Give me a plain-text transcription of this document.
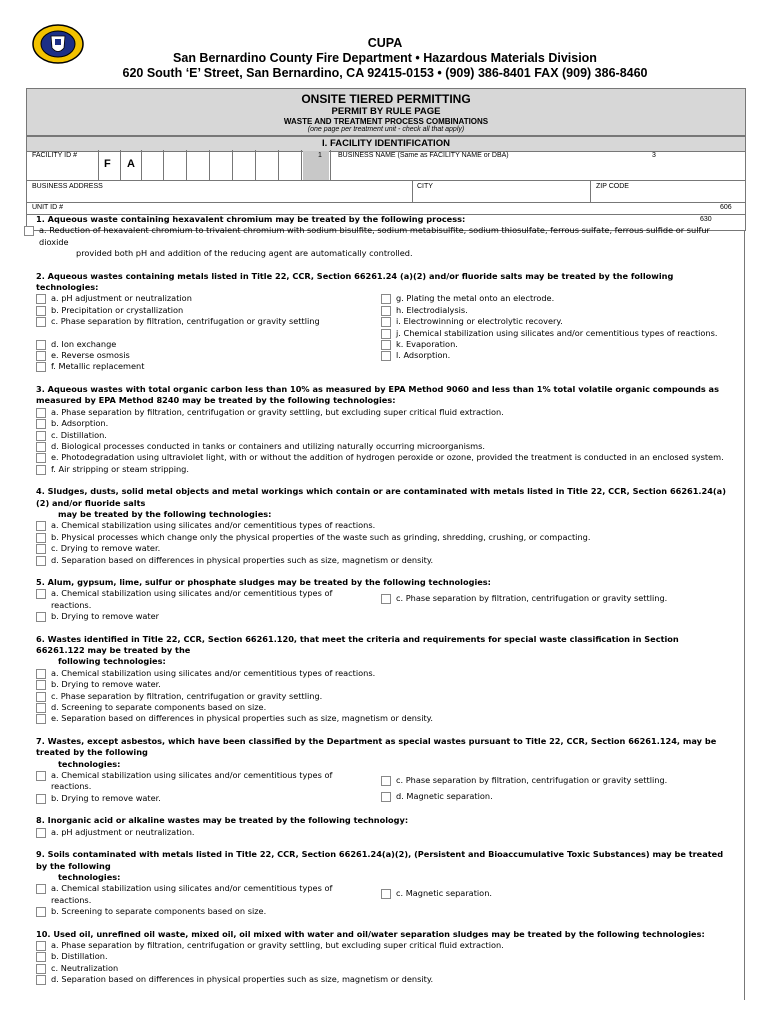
CUPA
San Bernardino County Fire Department • Hazardous Materials Division
620 South ‘E’ Street, San Bernardino, CA 92415-0153 • (909) 386-8401 FAX (909) 386-8460
ONSITE TIERED PERMITTING
PERMIT BY RULE PAGE
WASTE AND TREATMENT PROCESS COMBINATIONS
(one page per treatment unit - check all that apply)
I. FACILITY IDENTIFICATION
FACILITY ID #
F A
1 BUSINESS NAME (Same as FACILITY NAME or DBA)	3
BUSINESS ADDRESS	CITY	ZIP CODE
UNIT ID #	606
630
1. Aqueous waste containing hexavalent chromium may be treated by the following process:
a. Reduction of hexavalent chromium to trivalent chromium with sodium bisulfite, sodium metabisulfite, sodium thiosulfate, ferrous sulfate, ferrous sulfide or sulfur dioxide
provided both pH and addition of the reducing agent are automatically controlled.
2. Aqueous wastes containing metals listed in Title 22, CCR, Section 66261.24 (a)(2) and/or fluoride salts may be treated by the following technologies:
a. pH adjustment or neutralization
b. Precipitation or crystallization
c. Phase separation by filtration, centrifugation or gravity settling
d. Ion exchange
e. Reverse osmosis
f. Metallic replacement
g. Plating the metal onto an electrode.
h. Electrodialysis.
i. Electrowinning or electrolytic recovery.
j. Chemical stabilization using silicates and/or cementitious types of reactions.
k. Evaporation.
l. Adsorption.
3. Aqueous wastes with total organic carbon less than 10% as measured by EPA Method 9060 and less than 1% total volatile organic compounds as measured by EPA Method 8240 may be treated by the following technologies:
a. Phase separation by filtration, centrifugation or gravity settling, but excluding super critical fluid extraction.
b. Adsorption.
c. Distillation.
d. Biological processes conducted in tanks or containers and utilizing naturally occurring microorganisms.
e. Photodegradation using ultraviolet light, with or without the addition of hydrogen peroxide or ozone, provided the treatment is conducted in an enclosed system.
f. Air stripping or steam stripping.
4. Sludges, dusts, solid metal objects and metal workings which contain or are contaminated with metals listed in Title 22, CCR, Section 66261.24(a)(2) and/or fluoride salts
may be treated by the following technologies:
a. Chemical stabilization using silicates and/or cementitious types of reactions.
b. Physical processes which change only the physical properties of the waste such as grinding, shredding, crushing, or compacting.
c. Drying to remove water.
d. Separation based on differences in physical properties such as size, magnetism or density.
5. Alum, gypsum, lime, sulfur or phosphate sludges may be treated by the following technologies:
a. Chemical stabilization using silicates and/or cementitious types of reactions.
b. Drying to remove water
c. Phase separation by filtration, centrifugation or gravity settling.
6. Wastes identified in Title 22, CCR, Section 66261.120, that meet the criteria and requirements for special waste classification in Section 66261.122 may be treated by the
following technologies:
a. Chemical stabilization using silicates and/or cementitious types of reactions.
b. Drying to remove water.
c. Phase separation by filtration, centrifugation or gravity settling.
d. Screening to separate components based on size.
e. Separation based on differences in physical properties such as size, magnetism or density.
7. Wastes, except asbestos, which have been classified by the Department as special wastes pursuant to Title 22, CCR, Section 66261.124, may be treated by the following
technologies:
a. Chemical stabilization using silicates and/or cementitious types of reactions.
b. Drying to remove water.
c. Phase separation by filtration, centrifugation or gravity settling.
d. Magnetic separation.
8. Inorganic acid or alkaline wastes may be treated by the following technology:
a. pH adjustment or neutralization.
9. Soils contaminated with metals listed in Title 22, CCR, Section 66261.24(a)(2), (Persistent and Bioaccumulative Toxic Substances) may be treated by the following
technologies:
a. Chemical stabilization using silicates and/or cementitious types of reactions.
b. Screening to separate components based on size.
c. Magnetic separation.
10. Used oil, unrefined oil waste, mixed oil, oil mixed with water and oil/water separation sludges may be treated by the following technologies:
a. Phase separation by filtration, centrifugation or gravity settling, but excluding super critical fluid extraction.
b. Distillation.
c. Neutralization
d. Separation based on differences in physical properties such as size, magnetism or density.
